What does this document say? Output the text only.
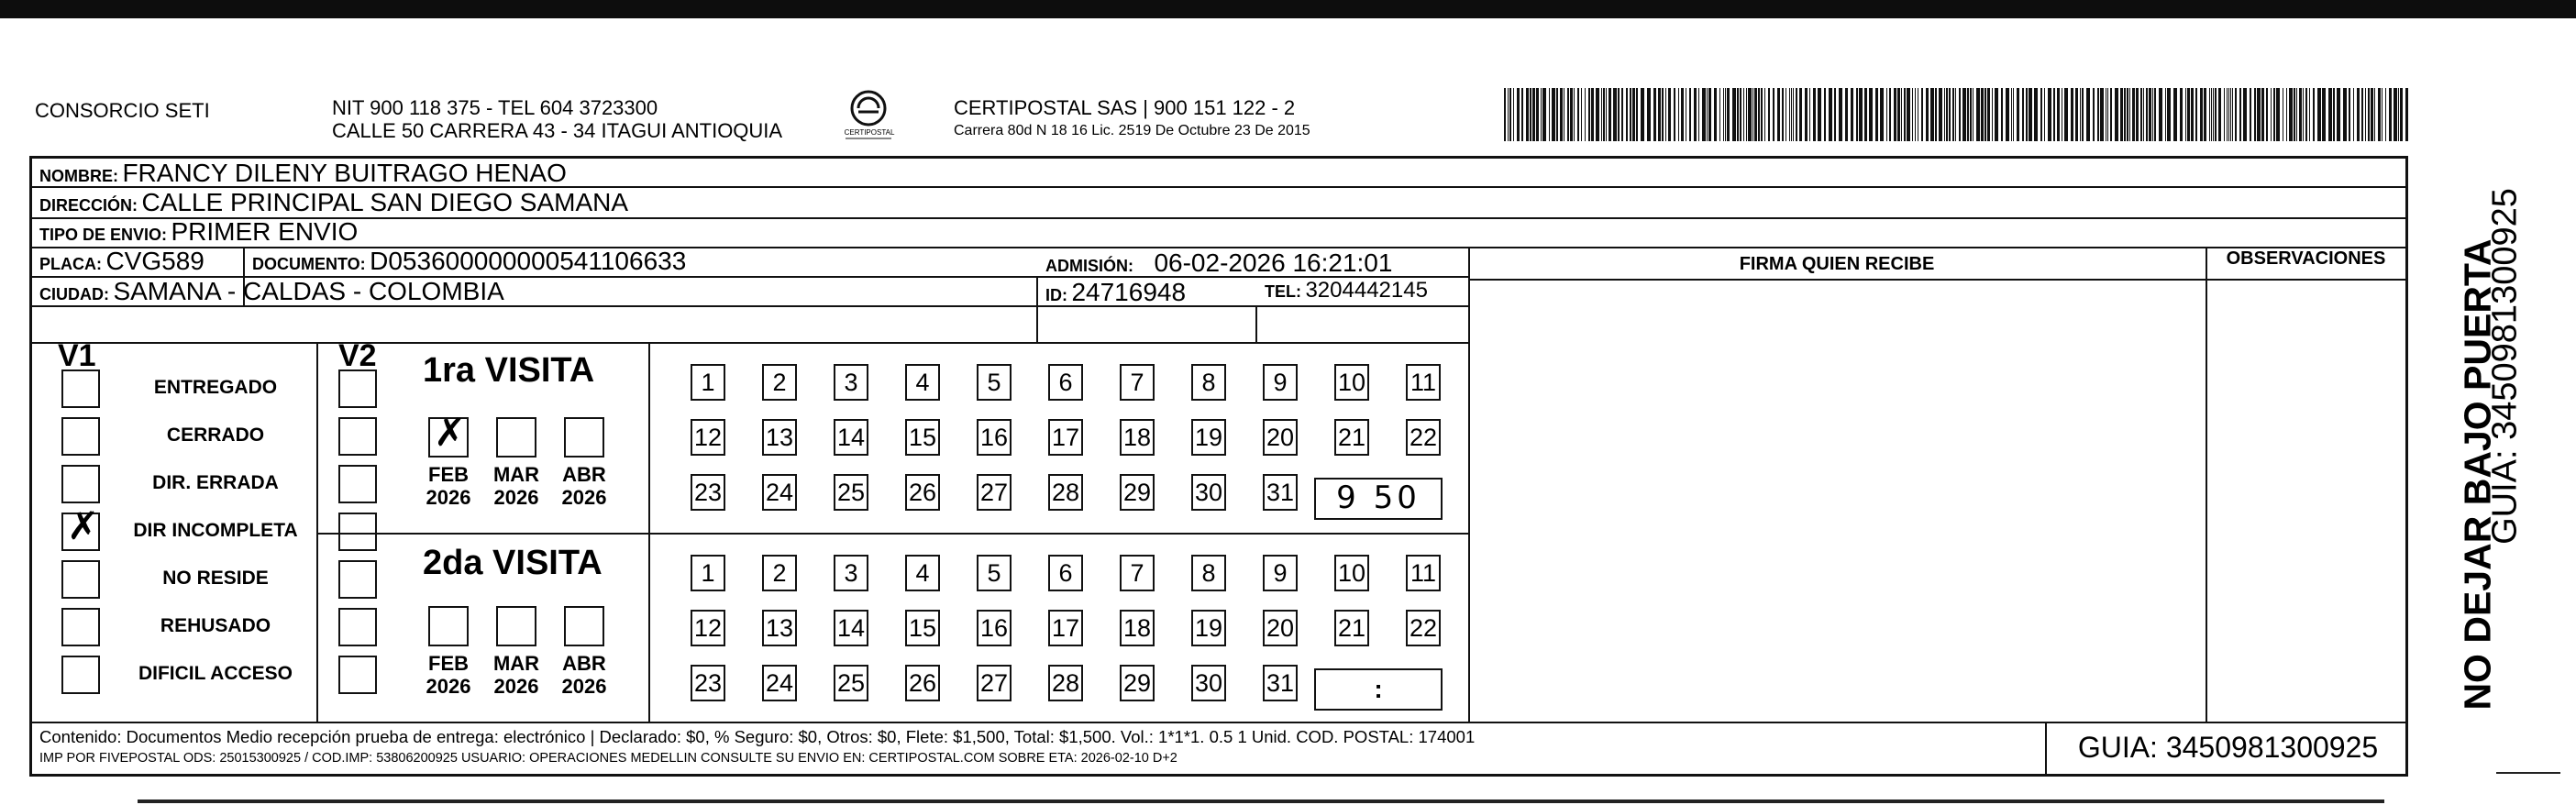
CONSORCIO SETI	NIT 900 118 375 - TEL 604 3723300
CALLE 50 CARRERA 43 - 34 ITAGUI ANTIOQUIA	CERTIPOSTAL
CERTIPOSTAL SAS | 900 151 122 - 2
Carrera 80d N 18 16 Lic. 2519 De Octubre 23 De 2015
NOMBRE: FRANCY DILENY BUITRAGO HENAO
DIRECCIÓN: CALLE PRINCIPAL SAN DIEGO SAMANA
TIPO DE ENVIO: PRIMER ENVIO
PLACA: CVG589	DOCUMENTO: D053600000000541106633	ADMISIÓN: 06-02-2026 16:21:01
CIUDAD: SAMANA - CALDAS - COLOMBIA	ID: 24716948	TEL: 3204442145
FIRMA QUIEN RECIBE	OBSERVACIONES
V1	V2
ENTREGADO
CERRADO
DIR. ERRADA
✗	DIR INCOMPLETA
NO RESIDE
REHUSADO
DIFICIL ACCESO
1ra VISITA
2da VISITA
✗
FEB
2026
MAR
2026
ABR
2026
FEB
2026
MAR
2026
ABR
2026
1	2	3	4	5	6	7	8	9	10 11
12 13 14 15 16 17 18 19 20 21 22
23 24 25 26 27 28 29 30 31
1	2	3	4	5	6	7	8	9	10 11
12 13 14 15 16 17 18 19 20 21 22
23 24 25 26 27 28 29 30 31
9 50
:
Contenido: Documentos Medio recepción prueba de entrega: electrónico | Declarado: $0, % Seguro: $0, Otros: $0, Flete: $1,500, Total: $1,500. Vol.: 1*1*1. 0.5 1 Unid. COD. POSTAL: 174001
IMP POR FIVEPOSTAL ODS: 25015300925 / COD.IMP: 53806200925 USUARIO: OPERACIONES MEDELLIN CONSULTE SU ENVIO EN: CERTIPOSTAL.COM SOBRE ETA: 2026-02-10 D+2	GUIA: 3450981300925
NO DEJAR BAJO PUERTA
GUIA: 3450981300925
